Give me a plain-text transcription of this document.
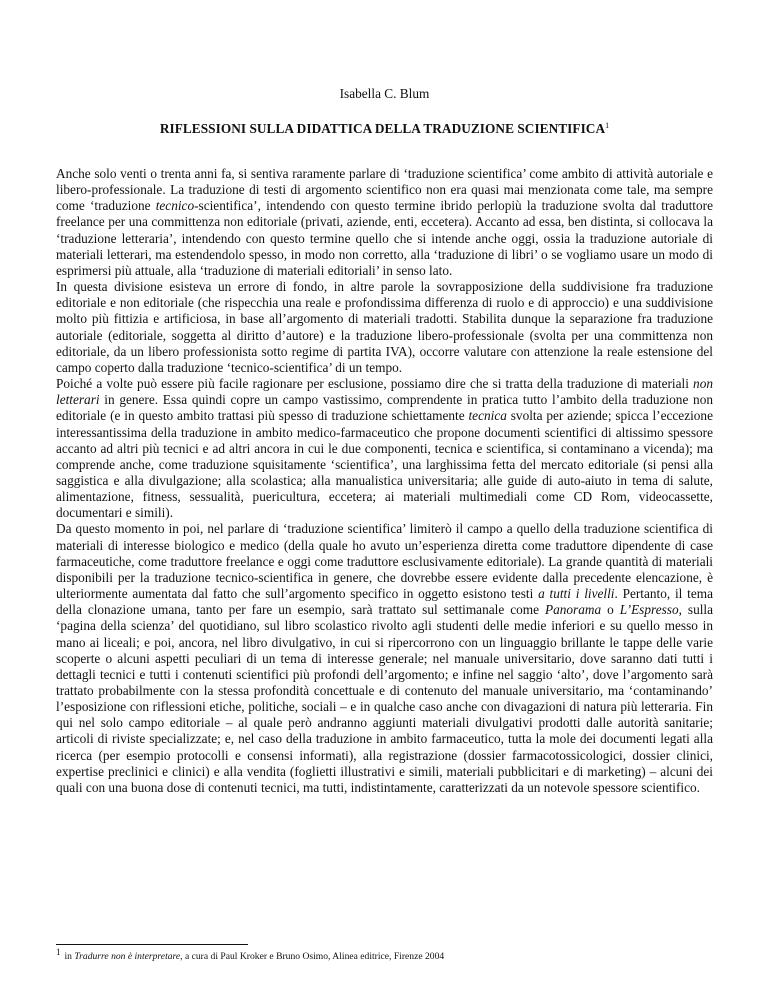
Isabella C. Blum

RIFLESSIONI SULLA DIDATTICA DELLA TRADUZIONE SCIENTIFICA$^1$

Anche solo venti o trenta anni fa, si sentiva raramente parlare di ‘traduzione scientifica’ come ambito di attività autoriale e libero-professionale. La traduzione di testi di argomento scientifico non era quasi mai menzionata come tale, ma sempre come ‘traduzione tecnico-scientifica’, intendendo con questo termine ibrido perlopiù la traduzione svolta dal traduttore freelance per una committenza non editoriale (privati, aziende, enti, eccetera). Accanto ad essa, ben distinta, si collocava la ‘traduzione letteraria’, intendendo con questo termine quello che si intende anche oggi, ossia la traduzione autoriale di materiali letterari, ma estendendolo spesso, in modo non corretto, alla ‘traduzione di libri’ o se vogliamo usare un modo di esprimersi più attuale, alla ‘traduzione di materiali editoriali’ in senso lato.

In questa divisione esisteva un errore di fondo, in altre parole la sovrapposizione della suddivisione fra traduzione editoriale e non editoriale (che rispecchia una reale e profondissima differenza di ruolo e di approccio) e una suddivisione molto più fittizia e artificiosa, in base all’argomento di materiali tradotti. Stabilita dunque la separazione fra traduzione autoriale (editoriale, soggetta al diritto d’autore) e la traduzione libero-professionale (svolta per una committenza non editoriale, da un libero professionista sotto regime di partita IVA), occorre valutare con attenzione la reale estensione del campo coperto dalla traduzione ‘tecnico-scientifica’ di un tempo.

Poiché a volte può essere più facile ragionare per esclusione, possiamo dire che si tratta della traduzione di materiali non letterari in genere. Essa quindi copre un campo vastissimo, comprendente in pratica tutto l’ambito della traduzione non editoriale (e in questo ambito trattasi più spesso di traduzione schiettamente tecnica svolta per aziende; spicca l’eccezione interessantissima della traduzione in ambito medico-farmaceutico che propone documenti scientifici di altissimo spessore accanto ad altri più tecnici e ad altri ancora in cui le due componenti, tecnica e scientifica, si contaminano a vicenda); ma comprende anche, come traduzione squisitamente ‘scientifica’, una larghissima fetta del mercato editoriale (si pensi alla saggistica e alla divulgazione; alla scolastica; alla manualistica universitaria; alle guide di auto-aiuto in tema di salute, alimentazione, fitness, sessualità, puericultura, eccetera; ai materiali multimediali come CD Rom, videocassette, documentari e simili).

Da questo momento in poi, nel parlare di ‘traduzione scientifica’ limiterò il campo a quello della traduzione scientifica di materiali di interesse biologico e medico (della quale ho avuto un’esperienza diretta come traduttore dipendente di case farmaceutiche, come traduttore freelance e oggi come traduttore esclusivamente editoriale). La grande quantità di materiali disponibili per la traduzione tecnico-scientifica in genere, che dovrebbe essere evidente dalla precedente elencazione, è ulteriormente aumentata dal fatto che sull’argomento specifico in oggetto esistono testi a tutti i livelli. Pertanto, il tema della clonazione umana, tanto per fare un esempio, sarà trattato sul settimanale come Panorama o L’Espresso, sulla ‘pagina della scienza’ del quotidiano, sul libro scolastico rivolto agli studenti delle medie inferiori e su quello messo in mano ai liceali; e poi, ancora, nel libro divulgativo, in cui si ripercorrono con un linguaggio brillante le tappe delle varie scoperte o alcuni aspetti peculiari di un tema di interesse generale; nel manuale universitario, dove saranno dati tutti i dettagli tecnici e tutti i contenuti scientifici più profondi dell’argomento; e infine nel saggio ‘alto’, dove l’argomento sarà trattato probabilmente con la stessa profondità concettuale e di contenuto del manuale universitario, ma ‘contaminando’ l’esposizione con riflessioni etiche, politiche, sociali – e in qualche caso anche con divagazioni di natura più letteraria. Fin qui nel solo campo editoriale – al quale però andranno aggiunti materiali divulgativi prodotti dalle autorità sanitarie; articoli di riviste specializzate; e, nel caso della traduzione in ambito farmaceutico, tutta la mole dei documenti legati alla ricerca (per esempio protocolli e consensi informati), alla registrazione (dossier farmacotossicologici, dossier clinici, expertise preclinici e clinici) e alla vendita (foglietti illustrativi e simili, materiali pubblicitari e di marketing) – alcuni dei quali con una buona dose di contenuti tecnici, ma tutti, indistintamente, caratterizzati da un notevole spessore scientifico.

1 in Tradurre non è interpretare, a cura di Paul Kroker e Bruno Osimo, Alinea editrice, Firenze 2004
